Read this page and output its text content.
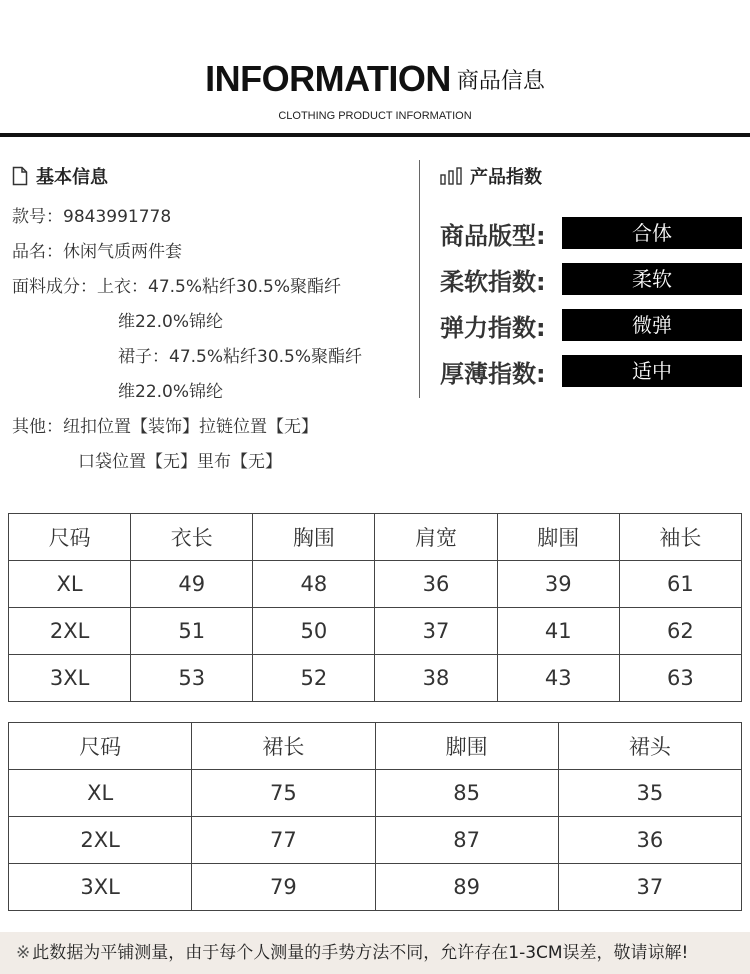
INFORMATION 商品信息
CLOTHING PRODUCT INFORMATION
基本信息
款号：9843991778
品名：休闲气质两件套
面料成分：上衣：47.5%粘纤30.5%聚酯纤
维22.0%锦纶
裙子：47.5%粘纤30.5%聚酯纤
维22.0%锦纶
其他：纽扣位置【装饰】拉链位置【无】
口袋位置【无】里布【无】
产品指数
商品版型:	合体
柔软指数:	柔软
弹力指数:	微弹
厚薄指数:	适中
尺码	衣长	胸围	肩宽	脚围	袖长
XL	49	48	36	39	61
2XL	51	50	37	41	62
3XL	53	52	38	43	63
尺码	裙长	脚围	裙头
XL	75	85	35
2XL	77	87	36
3XL	79	89	37
※ 此数据为平铺测量，由于每个人测量的手势方法不同，允许存在1-3CM误差，敬请谅解!
